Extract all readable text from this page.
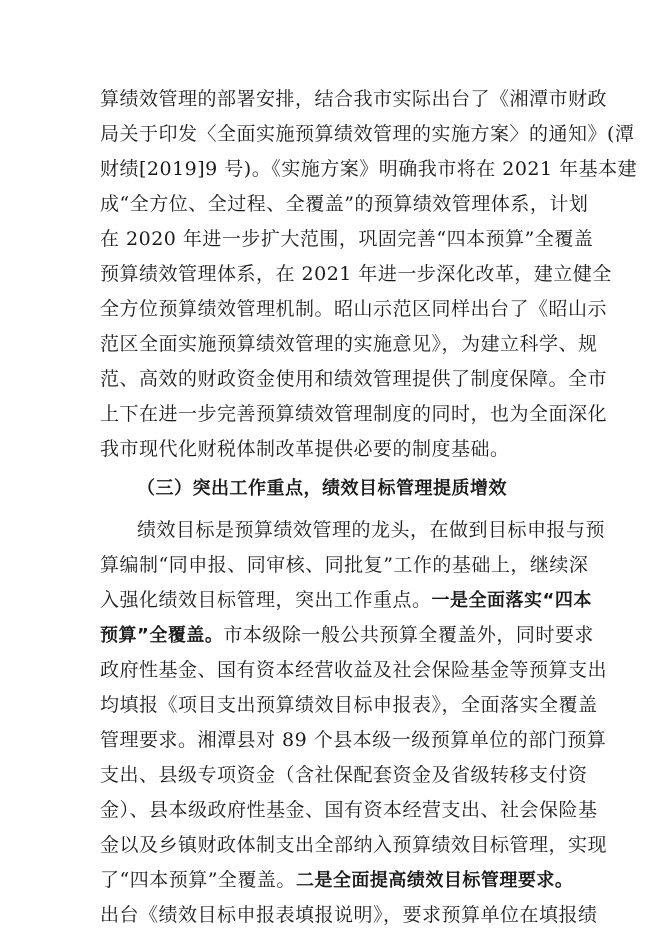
算绩效管理的部署安排，结合我市实际出台了《湘潭市财政
局关于印发〈全面实施预算绩效管理的实施方案〉的通知》(潭
财绩[2019]9 号)。《实施方案》明确我市将在 2021 年基本建
成“全方位、全过程、全覆盖”的预算绩效管理体系，计划
在 2020 年进一步扩大范围，巩固完善“四本预算”全覆盖
预算绩效管理体系，在 2021 年进一步深化改革，建立健全
全方位预算绩效管理机制。昭山示范区同样出台了《昭山示
范区全面实施预算绩效管理的实施意见》，为建立科学、规
范、高效的财政资金使用和绩效管理提供了制度保障。全市
上下在进一步完善预算绩效管理制度的同时，也为全面深化
我市现代化财税体制改革提供必要的制度基础。
（三）突出工作重点，绩效目标管理提质增效
绩效目标是预算绩效管理的龙头，在做到目标申报与预
算编制“同申报、同审核、同批复”工作的基础上，继续深
入强化绩效目标管理，突出工作重点。一是全面落实“四本
预算”全覆盖。市本级除一般公共预算全覆盖外，同时要求
政府性基金、国有资本经营收益及社会保险基金等预算支出
均填报《项目支出预算绩效目标申报表》，全面落实全覆盖
管理要求。湘潭县对 89 个县本级一级预算单位的部门预算
支出、县级专项资金（含社保配套资金及省级转移支付资
金）、县本级政府性基金、国有资本经营支出、社会保险基
金以及乡镇财政体制支出全部纳入预算绩效目标管理，实现
了“四本预算”全覆盖。二是全面提高绩效目标管理要求。
出台《绩效目标申报表填报说明》，要求预算单位在填报绩
